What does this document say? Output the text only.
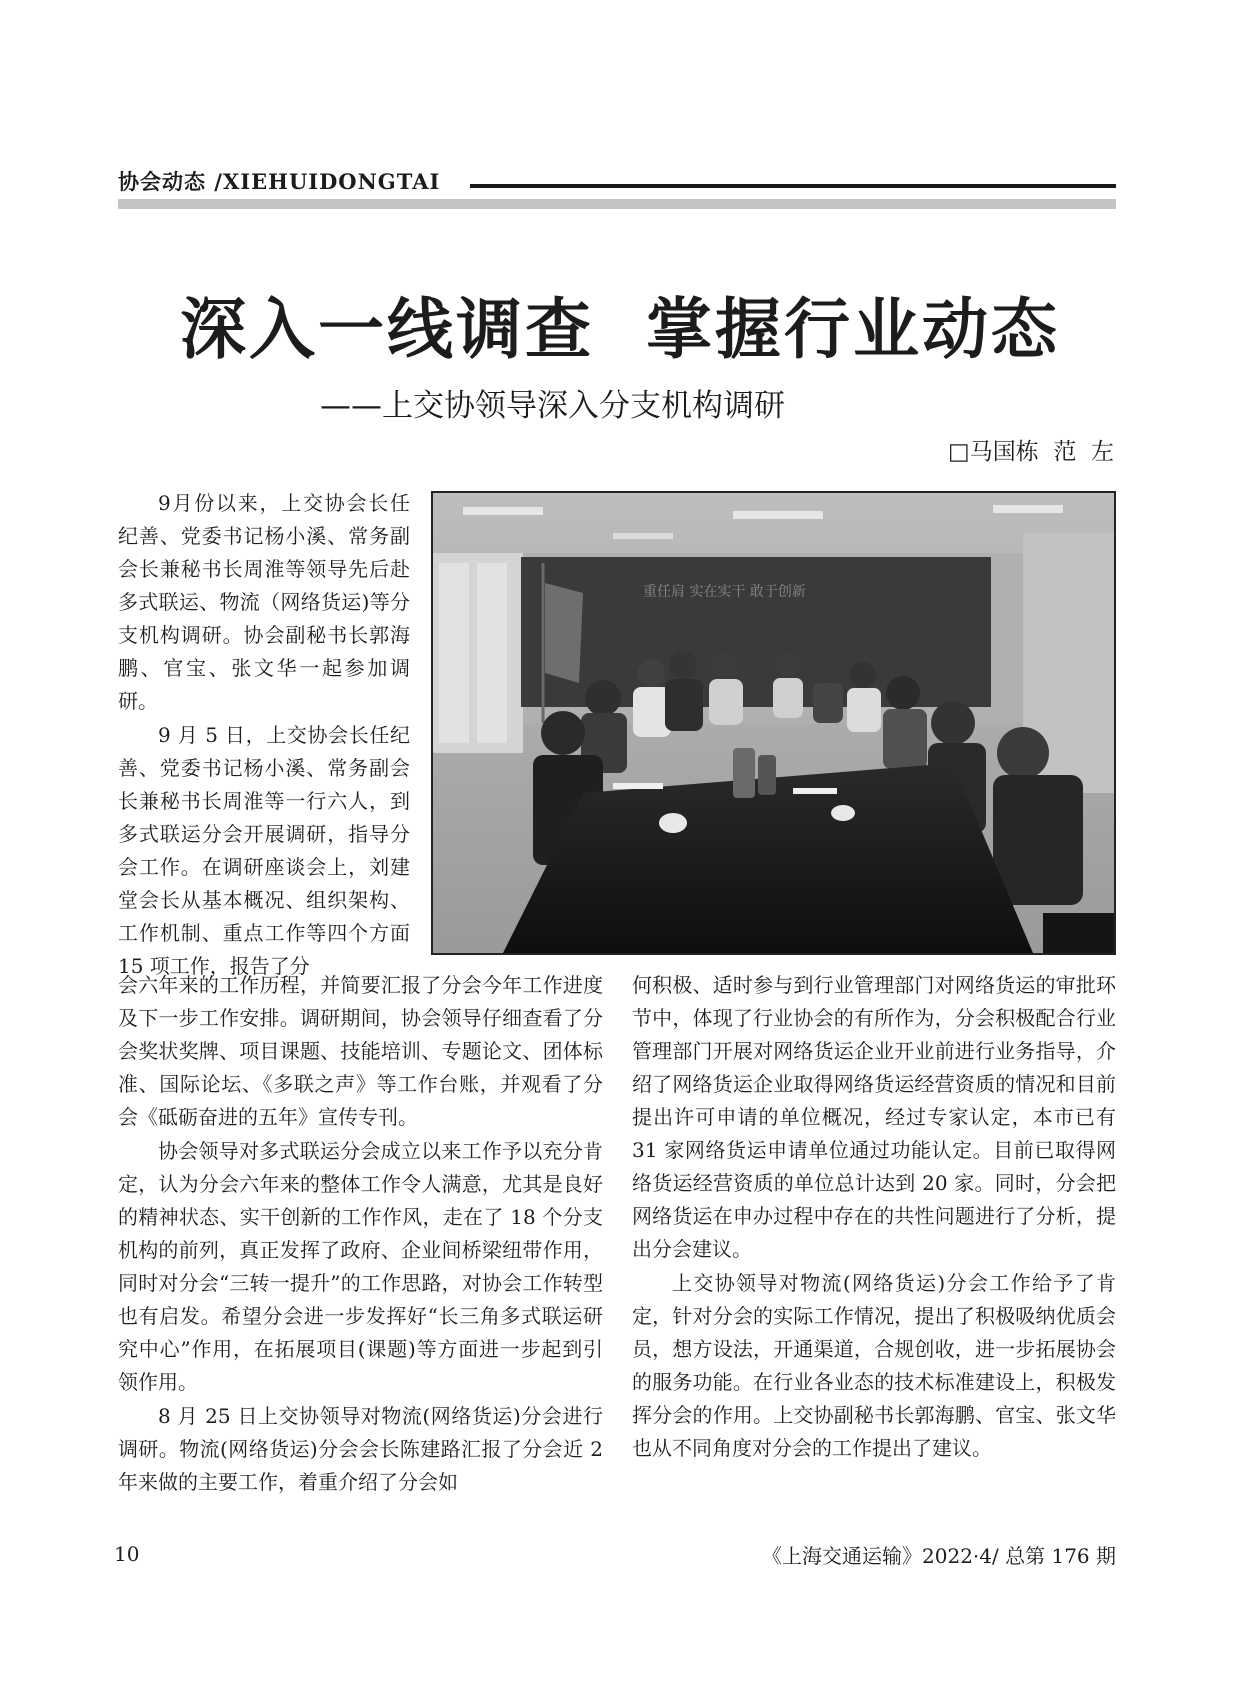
协会动态 /XIEHUIDONGTAI
深入一线调查  掌握行业动态
——上交协领导深入分支机构调研
□马国栋  范  左
重任肩 实在实干 敢于创新

9月份以来，上交协会长任纪善、党委书记杨小溪、常务副会长兼秘书长周淮等领导先后赴多式联运、物流（网络货运)等分支机构调研。协会副秘书长郭海鹏、官宝、张文华一起参加调研。

9 月 5 日，上交协会长任纪善、党委书记杨小溪、常务副会长兼秘书长周淮等一行六人，到多式联运分会开展调研，指导分会工作。在调研座谈会上，刘建堂会长从基本概况、组织架构、工作机制、重点工作等四个方面 15 项工作，报告了分

会六年来的工作历程，并简要汇报了分会今年工作进度及下一步工作安排。调研期间，协会领导仔细查看了分会奖状奖牌、项目课题、技能培训、专题论文、团体标准、国际论坛、《多联之声》等工作台账，并观看了分会《砥砺奋进的五年》宣传专刊。

协会领导对多式联运分会成立以来工作予以充分肯定，认为分会六年来的整体工作令人满意，尤其是良好的精神状态、实干创新的工作作风，走在了 18 个分支机构的前列，真正发挥了政府、企业间桥梁纽带作用，同时对分会“三转一提升”的工作思路，对协会工作转型也有启发。希望分会进一步发挥好“长三角多式联运研究中心”作用，在拓展项目(课题)等方面进一步起到引领作用。

8 月 25 日上交协领导对物流(网络货运)分会进行调研。物流(网络货运)分会会长陈建路汇报了分会近 2 年来做的主要工作，着重介绍了分会如

何积极、适时参与到行业管理部门对网络货运的审批环节中，体现了行业协会的有所作为，分会积极配合行业管理部门开展对网络货运企业开业前进行业务指导，介绍了网络货运企业取得网络货运经营资质的情况和目前提出许可申请的单位概况，经过专家认定，本市已有 31 家网络货运申请单位通过功能认定。目前已取得网络货运经营资质的单位总计达到 20 家。同时，分会把网络货运在申办过程中存在的共性问题进行了分析，提出分会建议。

上交协领导对物流(网络货运)分会工作给予了肯定，针对分会的实际工作情况，提出了积极吸纳优质会员，想方设法，开通渠道，合规创收，进一步拓展协会的服务功能。在行业各业态的技术标准建设上，积极发挥分会的作用。上交协副秘书长郭海鹏、官宝、张文华也从不同角度对分会的工作提出了建议。

10	《上海交通运输》2022·4/ 总第 176 期
